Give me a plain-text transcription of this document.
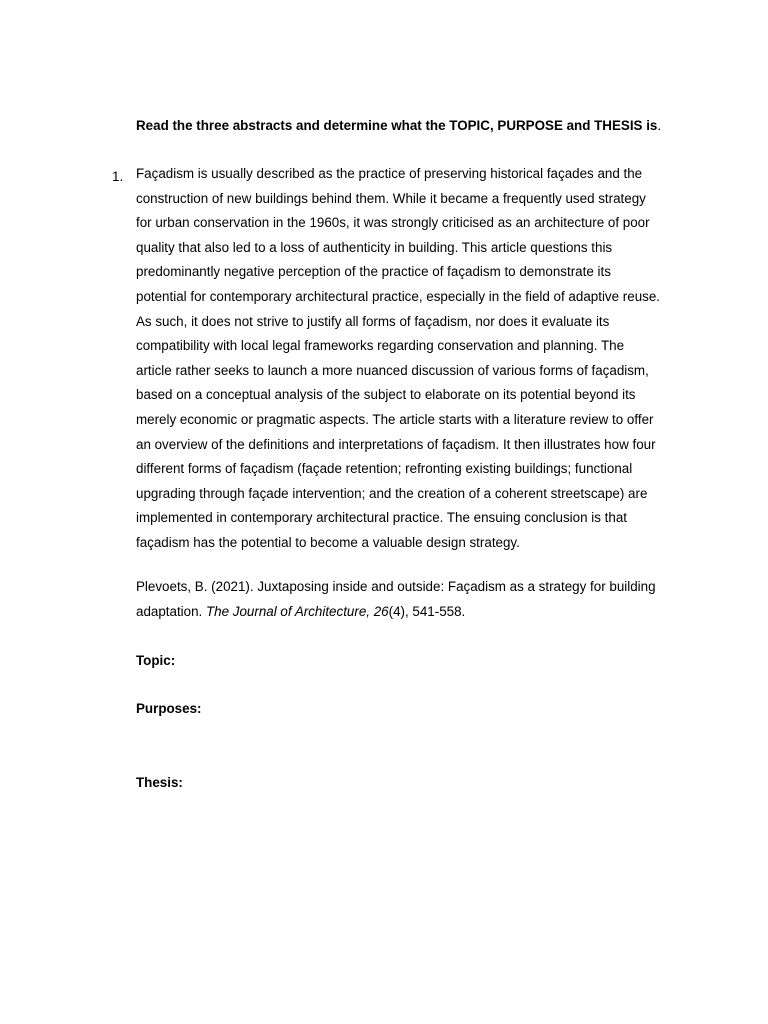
Read the three abstracts and determine what the TOPIC, PURPOSE and THESIS is.
1. Façadism is usually described as the practice of preserving historical façades and the
construction of new buildings behind them. While it became a frequently used strategy
for urban conservation in the 1960s, it was strongly criticised as an architecture of poor
quality that also led to a loss of authenticity in building. This article questions this
predominantly negative perception of the practice of façadism to demonstrate its
potential for contemporary architectural practice, especially in the field of adaptive reuse.
As such, it does not strive to justify all forms of façadism, nor does it evaluate its
compatibility with local legal frameworks regarding conservation and planning. The
article rather seeks to launch a more nuanced discussion of various forms of façadism,
based on a conceptual analysis of the subject to elaborate on its potential beyond its
merely economic or pragmatic aspects. The article starts with a literature review to offer
an overview of the definitions and interpretations of façadism. It then illustrates how four
different forms of façadism (façade retention; refronting existing buildings; functional
upgrading through façade intervention; and the creation of a coherent streetscape) are
implemented in contemporary architectural practice. The ensuing conclusion is that
façadism has the potential to become a valuable design strategy.

Plevoets, B. (2021). Juxtaposing inside and outside: Façadism as a strategy for building
adaptation. The Journal of Architecture, 26(4), 541-558.

Topic:
Purposes:
Thesis:
